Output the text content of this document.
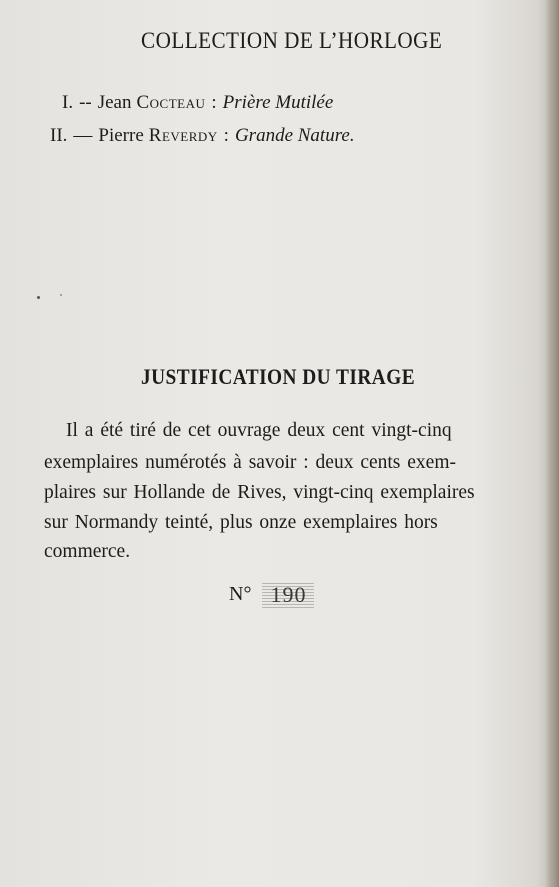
COLLECTION DE L’HORLOGE
I. -- Jean Cocteau : Prière Mutilée
II. — Pierre Reverdy : Grande Nature.
JUSTIFICATION DU TIRAGE
Il a été tiré de cet ouvrage deux cent vingt-cinq
exemplaires numérotés à savoir : deux cents exem-
plaires sur Hollande de Rives, vingt-cinq exemplaires
sur Normandy teinté, plus onze exemplaires hors
commerce.
N° 190
